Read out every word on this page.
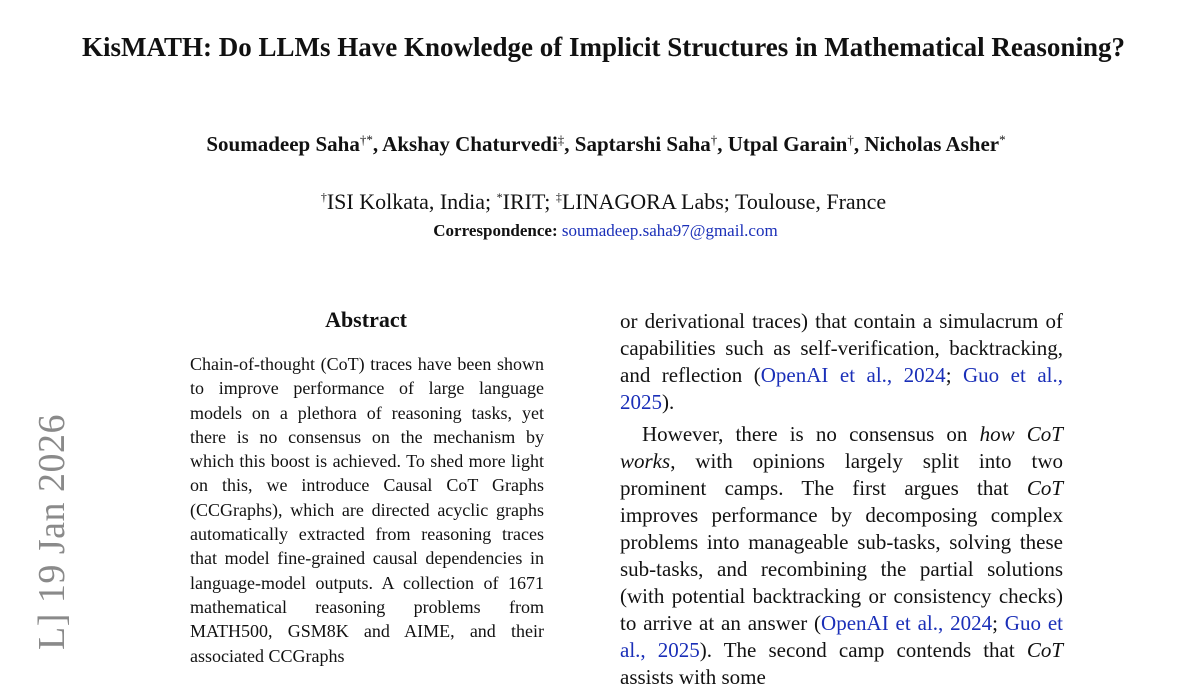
L] 19 Jan 2026
KisMATH: Do LLMs Have Knowledge of Implicit Structures in Mathematical Reasoning?
Soumadeep Saha†*, Akshay Chaturvedi‡, Saptarshi Saha†, Utpal Garain†, Nicholas Asher*
†ISI Kolkata, India; *IRIT; ‡LINAGORA Labs; Toulouse, France
Correspondence: soumadeep.saha97@gmail.com
Abstract
Chain-of-thought (CoT) traces have been shown to improve performance of large language models on a plethora of reasoning tasks, yet there is no consensus on the mechanism by which this boost is achieved. To shed more light on this, we introduce Causal CoT Graphs (CCGraphs), which are directed acyclic graphs automatically extracted from reasoning traces that model fine-grained causal dependencies in language-model outputs. A collection of 1671 mathematical reasoning problems from MATH500, GSM8K and AIME, and their associated CCGraphs

or derivational traces) that contain a simulacrum of capabilities such as self-verification, backtracking, and reflection (OpenAI et al., 2024; Guo et al., 2025).

However, there is no consensus on how CoT works, with opinions largely split into two prominent camps. The first argues that CoT improves performance by decomposing complex problems into manageable sub-tasks, solving these sub-tasks, and recombining the partial solutions (with potential backtracking or consistency checks) to arrive at an answer (OpenAI et al., 2024; Guo et al., 2025). The second camp contends that CoT assists with some
